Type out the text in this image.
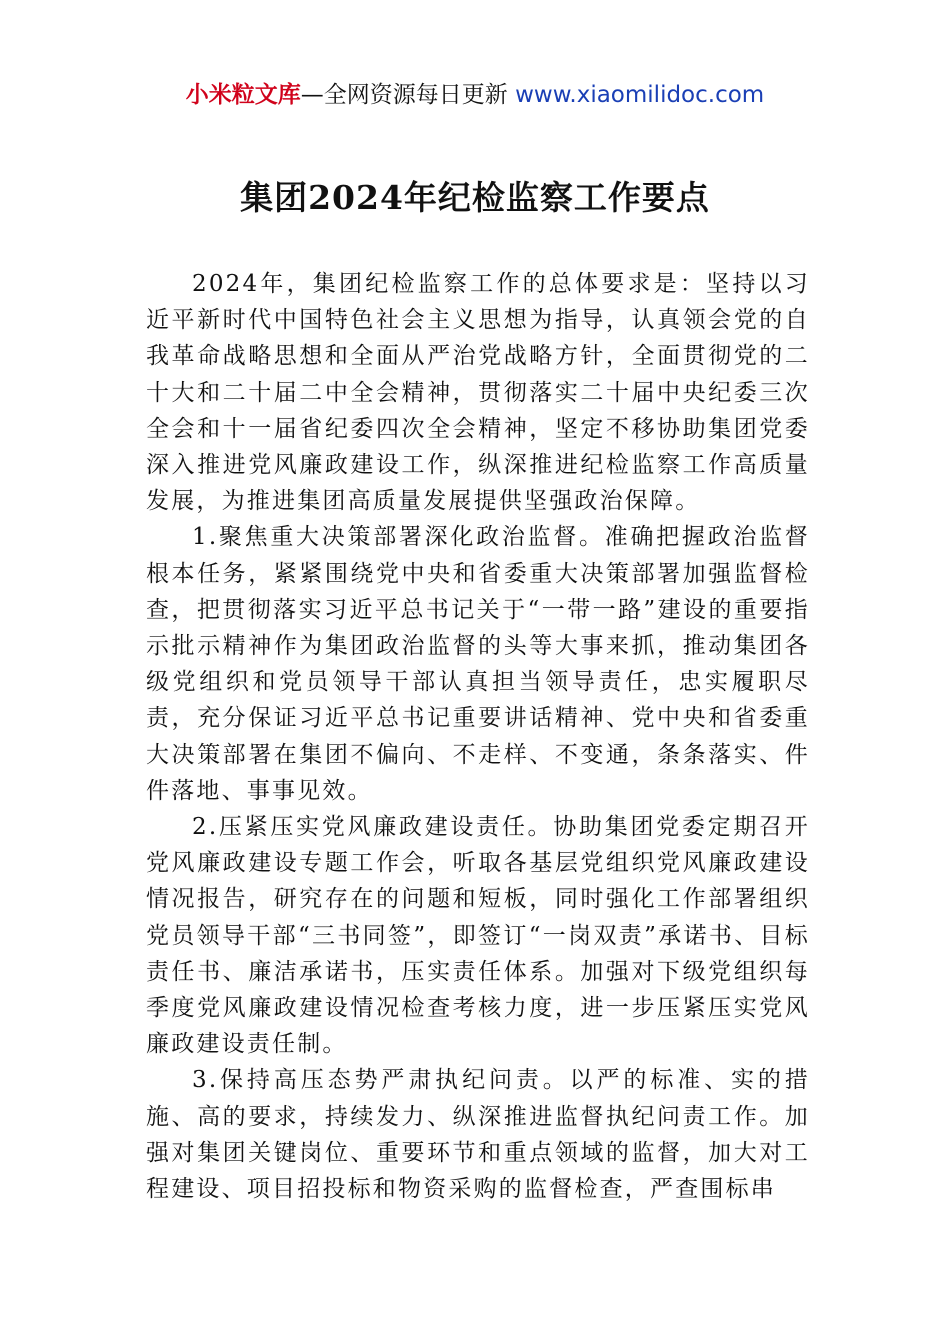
小米粒文库—全网资源每日更新 www.xiaomilidoc.com
集团2024年纪检监察工作要点

2024年，集团纪检监察工作的总体要求是：坚持以习近平新时代中国特色社会主义思想为指导，认真领会党的自我革命战略思想和全面从严治党战略方针，全面贯彻党的二十大和二十届二中全会精神，贯彻落实二十届中央纪委三次全会和十一届省纪委四次全会精神，坚定不移协助集团党委深入推进党风廉政建设工作，纵深推进纪检监察工作高质量发展，为推进集团高质量发展提供坚强政治保障。

1.聚焦重大决策部署深化政治监督。准确把握政治监督根本任务，紧紧围绕党中央和省委重大决策部署加强监督检查，把贯彻落实习近平总书记关于“一带一路”建设的重要指示批示精神作为集团政治监督的头等大事来抓，推动集团各级党组织和党员领导干部认真担当领导责任，忠实履职尽责，充分保证习近平总书记重要讲话精神、党中央和省委重大决策部署在集团不偏向、不走样、不变通，条条落实、件件落地、事事见效。

2.压紧压实党风廉政建设责任。协助集团党委定期召开党风廉政建设专题工作会，听取各基层党组织党风廉政建设情况报告，研究存在的问题和短板，同时强化工作部署组织党员领导干部“三书同签”，即签订“一岗双责”承诺书、目标责任书、廉洁承诺书，压实责任体系。加强对下级党组织每季度党风廉政建设情况检查考核力度，进一步压紧压实党风廉政建设责任制。

3.保持高压态势严肃执纪问责。以严的标准、实的措施、高的要求，持续发力、纵深推进监督执纪问责工作。加强对集团关键岗位、重要环节和重点领域的监督，加大对工程建设、项目招投标和物资采购的监督检查，严查围标串
